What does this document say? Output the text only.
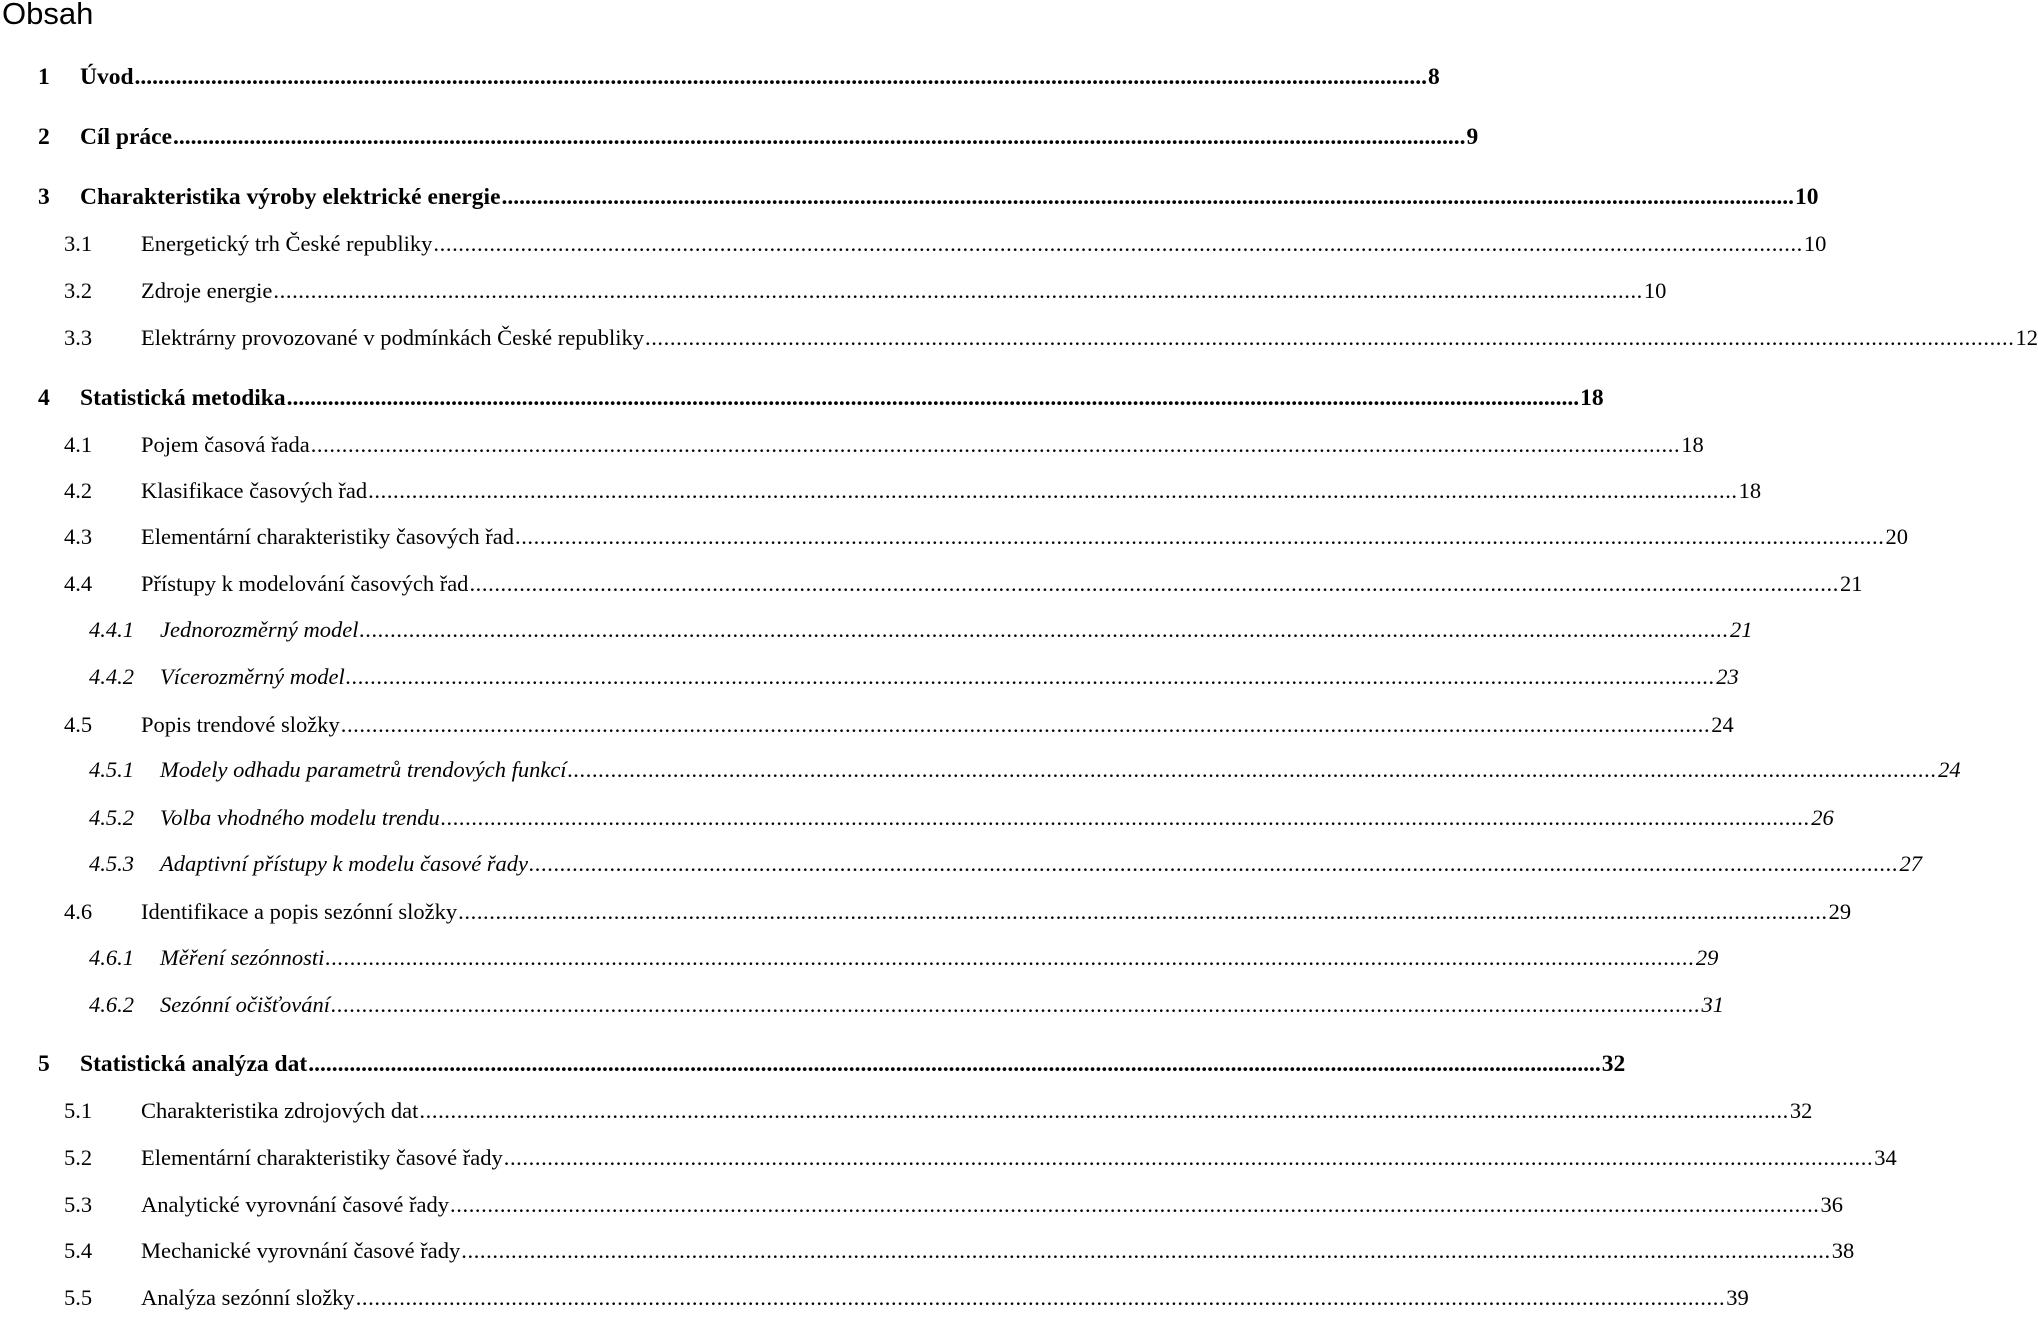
Obsah
1	Úvod ............................................................................................................................................................................................................................ 8
2	Cíl práce ............................................................................................................................................................................................................................ 9
3	Charakteristika výroby elektrické energie ............................................................................................................................................................................................................................ 10
3.1	Energetický trh České republiky ............................................................................................................................................................................................................................ 10
3.2	Zdroje energie ............................................................................................................................................................................................................................ 10
3.3	Elektrárny provozované v podmínkách České republiky ............................................................................................................................................................................................................................ 12
4	Statistická metodika ............................................................................................................................................................................................................................ 18
4.1	Pojem časová řada ............................................................................................................................................................................................................................ 18
4.2	Klasifikace časových řad ............................................................................................................................................................................................................................ 18
4.3	Elementární charakteristiky časových řad ............................................................................................................................................................................................................................ 20
4.4	Přístupy k modelování časových řad ............................................................................................................................................................................................................................ 21
4.4.1	Jednorozměrný model ............................................................................................................................................................................................................................ 21
4.4.2	Vícerozměrný model ............................................................................................................................................................................................................................ 23
4.5	Popis trendové složky ............................................................................................................................................................................................................................ 24
4.5.1	Modely odhadu parametrů trendových funkcí ............................................................................................................................................................................................................................ 24
4.5.2	Volba vhodného modelu trendu ............................................................................................................................................................................................................................ 26
4.5.3	Adaptivní přístupy k modelu časové řady ............................................................................................................................................................................................................................ 27
4.6	Identifikace a popis sezónní složky ............................................................................................................................................................................................................................ 29
4.6.1	Měření sezónnosti ............................................................................................................................................................................................................................ 29
4.6.2	Sezónní očišťování ............................................................................................................................................................................................................................ 31
5	Statistická analýza dat ............................................................................................................................................................................................................................ 32
5.1	Charakteristika zdrojových dat ............................................................................................................................................................................................................................ 32
5.2	Elementární charakteristiky časové řady ............................................................................................................................................................................................................................ 34
5.3	Analytické vyrovnání časové řady ............................................................................................................................................................................................................................ 36
5.4	Mechanické vyrovnání časové řady ............................................................................................................................................................................................................................ 38
5.5	Analýza sezónní složky ............................................................................................................................................................................................................................ 39
